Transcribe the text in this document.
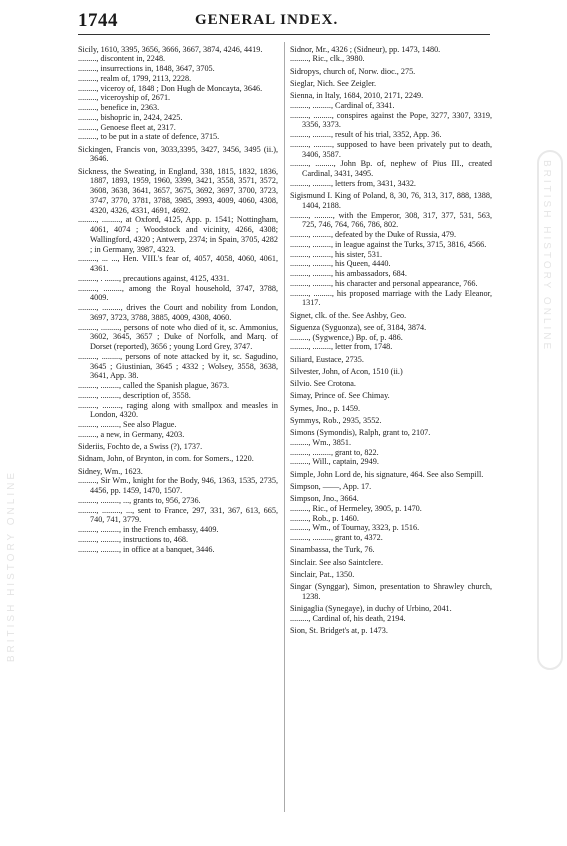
1744	GENERAL INDEX.
Sicily, 1610, 3395, 3656, 3666, 3667, 3874, 4246, 4419.
........., discontent in, 2248.
........., insurrections in, 1848, 3647, 3705.
........., realm of, 1799, 2113, 2228.
........., viceroy of, 1848 ; Don Hugh de Moncayta, 3646.
........., viceroyship of, 2671.
........., benefice in, 2363.
........., bishopric in, 2424, 2425.
........., Genoese fleet at, 2317.
........., to be put in a state of defence, 3715.
Sickingen, Francis von, 3033,3395, 3427, 3456, 3495 (ii.), 3646.
Sickness, the Sweating, in England, 338, 1815, 1832, 1836, 1887, 1893, 1959, 1960, 3399, 3421, 3558, 3571, 3572, 3608, 3638, 3641, 3657, 3675, 3692, 3697, 3700, 3723, 3747, 3770, 3781, 3788, 3985, 3993, 4009, 4060, 4308, 4320, 4326, 4331, 4691, 4692.
........., ........., at Oxford, 4125, App. p. 1541; Nottingham, 4061, 4074 ; Woodstock and vicinity, 4266, 4308; Wallingford, 4320 ; Antwerp, 2374; in Spain, 3705, 4282 ; in Germany, 3987, 4323.
........., ... ..., Hen. VIII.'s fear of, 4057, 4058, 4060, 4061, 4361.
........., . ......., precautions against, 4125, 4331.
........., ........., among the Royal household, 3747, 3788, 4009.
........., ........., drives the Court and nobility from London, 3697, 3723, 3788, 3885, 4009, 4308, 4060.
........., ........., persons of note who died of it, sc. Ammonius, 3602, 3645, 3657 ; Duke of Norfolk, and Marq. of Dorset (reported), 3656 ; young Lord Grey, 3747.
........., ........., persons of note attacked by it, sc. Sagudino, 3645 ; Giustinian, 3645 ; 4332 ; Wolsey, 3558, 3638, 3641, App. 38.
........., ........., called the Spanish plague, 3673.
........., ........., description of, 3558.
........., ........., raging along with smallpox and measles in London, 4320.
........., ........., See also Plague.
........., a new, in Germany, 4203.
Sideriis, Fochto de, a Swiss (?), 1737.
Sidnam, John, of Brynton, in com. for Somers., 1220.
Sidney, Wm., 1623.
........., Sir Wm., knight for the Body, 946, 1363, 1535, 2735, 4456, pp. 1459, 1470, 1507.
........., ........., ..., grants to, 956, 2736.
........., ........., ..., sent to France, 297, 331, 367, 613, 665, 740, 741, 3779.
........., ........., in the French embassy, 4409.
........., ........., instructions to, 468.
........., ........., in office at a banquet, 3446.
Sidnor, Mr., 4326 ; (Sidneur), pp. 1473, 1480.
........., Ric., clk., 3980.
Sidropys, church of, Norw. dioc., 275.
Sieglar, Nich. See Zeigler.
Sienna, in Italy, 1684, 2010, 2171, 2249.
........., ........., Cardinal of, 3341.
........., ........., conspires against the Pope, 3277, 3307, 3319, 3356, 3373.
........., ........., result of his trial, 3352, App. 36.
........., ........., supposed to have been privately put to death, 3406, 3587.
........., ........., John Bp. of, nephew of Pius III., created Cardinal, 3431, 3495.
........., ........., letters from, 3431, 3432.
Sigismund I. King of Poland, 8, 30, 76, 313, 317, 888, 1388, 1404, 2188.
........., ........., with the Emperor, 308, 317, 377, 531, 563, 725, 746, 764, 766, 786, 802.
........., ........., defeated by the Duke of Russia, 479.
........., ........., in league against the Turks, 3715, 3816, 4566.
........., ........., his sister, 531.
........., ........., his Queen, 4440.
........., ........., his ambassadors, 684.
........., ........., his character and personal appearance, 766.
........., ........., his proposed marriage with the Lady Eleanor, 1317.
Signet, clk. of the. See Ashby, Geo.
Siguenza (Syguonza), see of, 3184, 3874.
........., (Sygwence,) Bp. of, p. 486.
........., ........., letter from, 1748.
Siliard, Eustace, 2735.
Silvester, John, of Acon, 1510 (ii.)
Silvio. See Crotona.
Simay, Prince of. See Chimay.
Symes, Jno., p. 1459.
Symmys, Rob., 2935, 3552.
Simons (Symondis), Ralph, grant to, 2107.
........., Wm., 3851.
........., ........., grant to, 822.
........., Will., captain, 2949.
Simple, John Lord de, his signature, 464. See also Sempill.
Simpson, ——, App. 17.
Simpson, Jno., 3664.
........., Ric., of Hermeley, 3905, p. 1470.
........., Rob., p. 1460.
........., Wm., of Tournay, 3323, p. 1516.
........., ........., grant to, 4372.
Sinambassa, the Turk, 76.
Sinclair. See also Saintclere.
Sinclair, Pat., 1350.
Singar (Synggar), Simon, presentation to Shrawley church, 1238.
Sinigaglia (Synegaye), in duchy of Urbino, 2041.
........., Cardinal of, his death, 2194.
Sion, St. Bridget's at, p. 1473.
BRITISH HISTORY ONLINE
BRITISH HISTORY ONLINE
